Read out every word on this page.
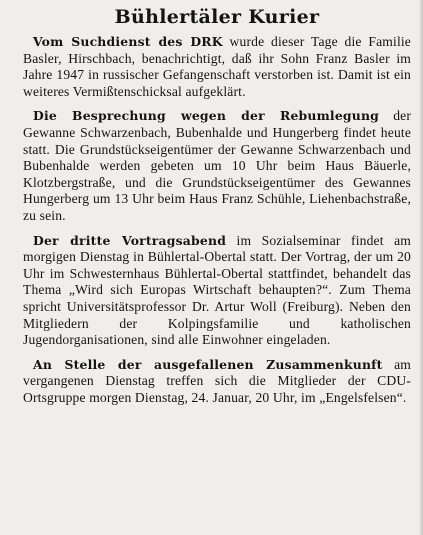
Bühlertäler Kurier

Vom Suchdienst des DRK wurde dieser Tage die Familie Basler, Hirschbach, benachrichtigt, daß ihr Sohn Franz Basler im Jahre 1947 in russischer Gefangenschaft verstorben ist. Damit ist ein weiteres Vermißtenschicksal aufgeklärt.

Die Besprechung wegen der Rebumlegung der Gewanne Schwarzenbach, Bubenhalde und Hungerberg findet heute statt. Die Grundstückseigentümer der Gewanne Schwarzenbach und Bubenhalde werden gebeten um 10 Uhr beim Haus Bäuerle, Klotzbergstraße, und die Grundstückseigentümer des Gewannes Hungerberg um 13 Uhr beim Haus Franz Schühle, Liehenbachstraße, zu sein.

Der dritte Vortragsabend im Sozialseminar findet am morgigen Dienstag in Bühlertal-Obertal statt. Der Vortrag, der um 20 Uhr im Schwesternhaus Bühlertal-Obertal stattfindet, behandelt das Thema „Wird sich Europas Wirtschaft behaupten?“. Zum Thema spricht Universitätsprofessor Dr. Artur Woll (Freiburg). Neben den Mitgliedern der Kolpingsfamilie und katholischen Jugendorganisationen, sind alle Einwohner eingeladen.

An Stelle der ausgefallenen Zusammenkunft am vergangenen Dienstag treffen sich die Mitglieder der CDU-Ortsgruppe morgen Dienstag, 24. Januar, 20 Uhr, im „Engelsfelsen“.
